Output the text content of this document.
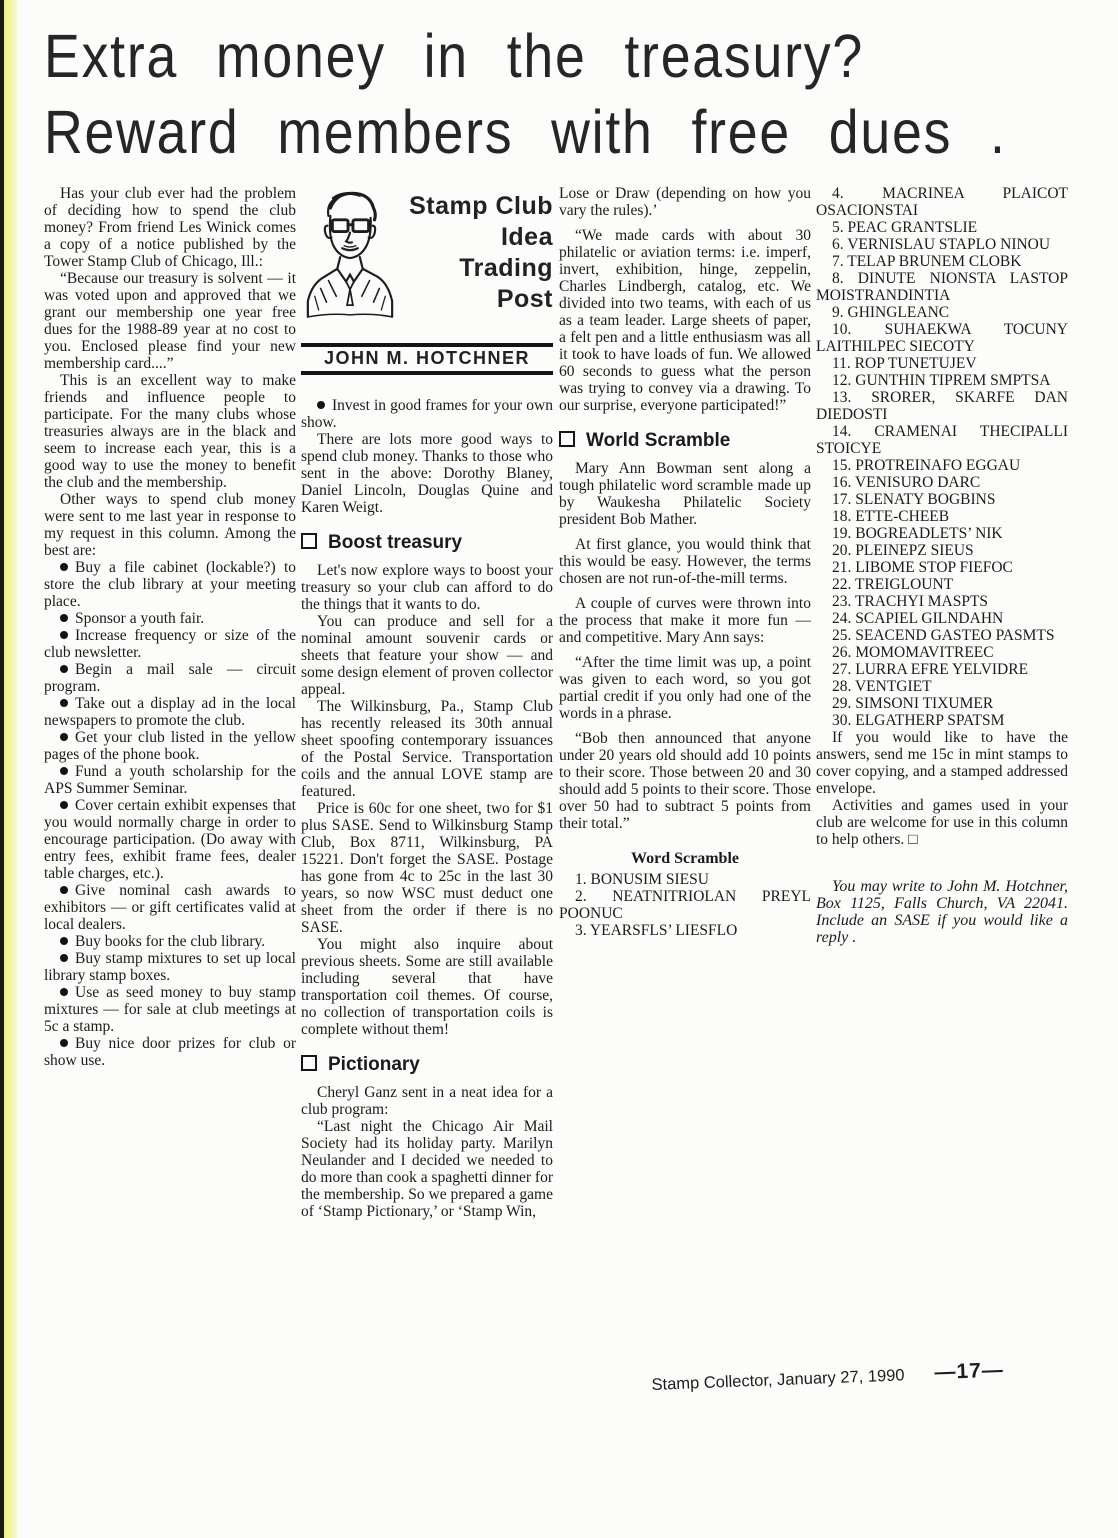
Extra money in the treasury?
Reward members with free dues .

Has your club ever had the problem of deciding how to spend the club money? From friend Les Winick comes a copy of a notice published by the Tower Stamp Club of Chicago, Ill.:

“Because our treasury is solvent — it was voted upon and approved that we grant our membership one year free dues for the 1988-89 year at no cost to you. Enclosed please find your new membership card....”

This is an excellent way to make friends and influence people to participate. For the many clubs whose treasuries always are in the black and seem to increase each year, this is a good way to use the money to benefit the club and the membership.

Other ways to spend club money were sent to me last year in response to my request in this column. Among the best are:

Buy a file cabinet (lockable?) to store the club library at your meeting place.

Sponsor a youth fair.

Increase frequency or size of the club newsletter.

Begin a mail sale — circuit program.

Take out a display ad in the local newspapers to promote the club.

Get your club listed in the yellow pages of the phone book.

Fund a youth scholarship for the APS Summer Seminar.

Cover certain exhibit expenses that you would normally charge in order to encourage participation. (Do away with entry fees, exhibit frame fees, dealer table charges, etc.).

Give nominal cash awards to exhibitors — or gift certificates valid at local dealers.

Buy books for the club library.

Buy stamp mixtures to set up local library stamp boxes.

Use as seed money to buy stamp mixtures — for sale at club meetings at 5c a stamp.

Buy nice door prizes for club or show use.

Stamp Club
Idea
Trading
Post
JOHN M. HOTCHNER

Invest in good frames for your own show.

There are lots more good ways to spend club money. Thanks to those who sent in the above: Dorothy Blaney, Daniel Lincoln, Douglas Quine and Karen Weigt.

Boost treasury

Let's now explore ways to boost your treasury so your club can afford to do the things that it wants to do.

You can produce and sell for a nominal amount souvenir cards or sheets that feature your show — and some design element of proven collector appeal.

The Wilkinsburg, Pa., Stamp Club has recently released its 30th annual sheet spoofing contemporary issuances of the Postal Service. Transportation coils and the annual LOVE stamp are featured.

Price is 60c for one sheet, two for $1 plus SASE. Send to Wilkinsburg Stamp Club, Box 8711, Wilkinsburg, PA 15221. Don't forget the SASE. Postage has gone from 4c to 25c in the last 30 years, so now WSC must deduct one sheet from the order if there is no SASE.

You might also inquire about previous sheets. Some are still available including several that have transportation coil themes. Of course, no collection of transportation coils is complete without them!

Pictionary

Cheryl Ganz sent in a neat idea for a club program:

“Last night the Chicago Air Mail Society had its holiday party. Marilyn Neulander and I decided we needed to do more than cook a spaghetti dinner for the membership. So we prepared a game of ‘Stamp Pictionary,’ or ‘Stamp Win,

Lose or Draw (depending on how you vary the rules).’

“We made cards with about 30 philatelic or aviation terms: i.e. imperf, invert, exhibition, hinge, zeppelin, Charles Lindbergh, catalog, etc. We divided into two teams, with each of us as a team leader. Large sheets of paper, a felt pen and a little enthusiasm was all it took to have loads of fun. We allowed 60 seconds to guess what the person was trying to convey via a drawing. To our surprise, everyone participated!”

World Scramble

Mary Ann Bowman sent along a tough philatelic word scramble made up by Waukesha Philatelic Society president Bob Mather.

At first glance, you would think that this would be easy. However, the terms chosen are not run-of-the-mill terms.

A couple of curves were thrown into the process that make it more fun — and competitive. Mary Ann says:

“After the time limit was up, a point was given to each word, so you got partial credit if you only had one of the words in a phrase.

“Bob then announced that anyone under 20 years old should add 10 points to their score. Those between 20 and 30 should add 5 points to their score. Those over 50 had to subtract 5 points from their total.”

Word Scramble

1. BONUSIM SIESU

2. NEATNITRIOLAN PREYL POONUC

3. YEARSFLS’ LIESFLO

4. MACRINEA PLAICOT OSACIONSTAI

5. PEAC GRANTSLIE

6. VERNISLAU STAPLO NINOU

7. TELAP BRUNEM CLOBK

8. DINUTE NIONSTA LASTOP MOISTRANDINTIA

9. GHINGLEANC

10. SUHAEKWA TOCUNY LAITHILPEC SIECOTY

11. ROP TUNETUJEV

12. GUNTHIN TIPREM SMPTSA

13. SRORER, SKARFE DAN DIEDOSTI

14. CRAMENAI THECIPALLI STOICYE

15. PROTREINAFO EGGAU

16. VENISURO DARC

17. SLENATY BOGBINS

18. ETTE-CHEEB

19. BOGREADLETS’ NIK

20. PLEINEPZ SIEUS

21. LIBOME STOP FIEFOC

22. TREIGLOUNT

23. TRACHYI MASPTS

24. SCAPIEL GILNDAHN

25. SEACEND GASTEO PASMTS

26. MOMOMAVITREEC

27. LURRA EFRE YELVIDRE

28. VENTGIET

29. SIMSONI TIXUMER

30. ELGATHERP SPATSM

If you would like to have the answers, send me 15c in mint stamps to cover copying, and a stamped addressed envelope.

Activities and games used in your club are welcome for use in this column to help others. □

You may write to John M. Hotchner, Box 1125, Falls Church, VA 22041. Include an SASE if you would like a reply .

Stamp Collector, January 27, 1990 —17—
